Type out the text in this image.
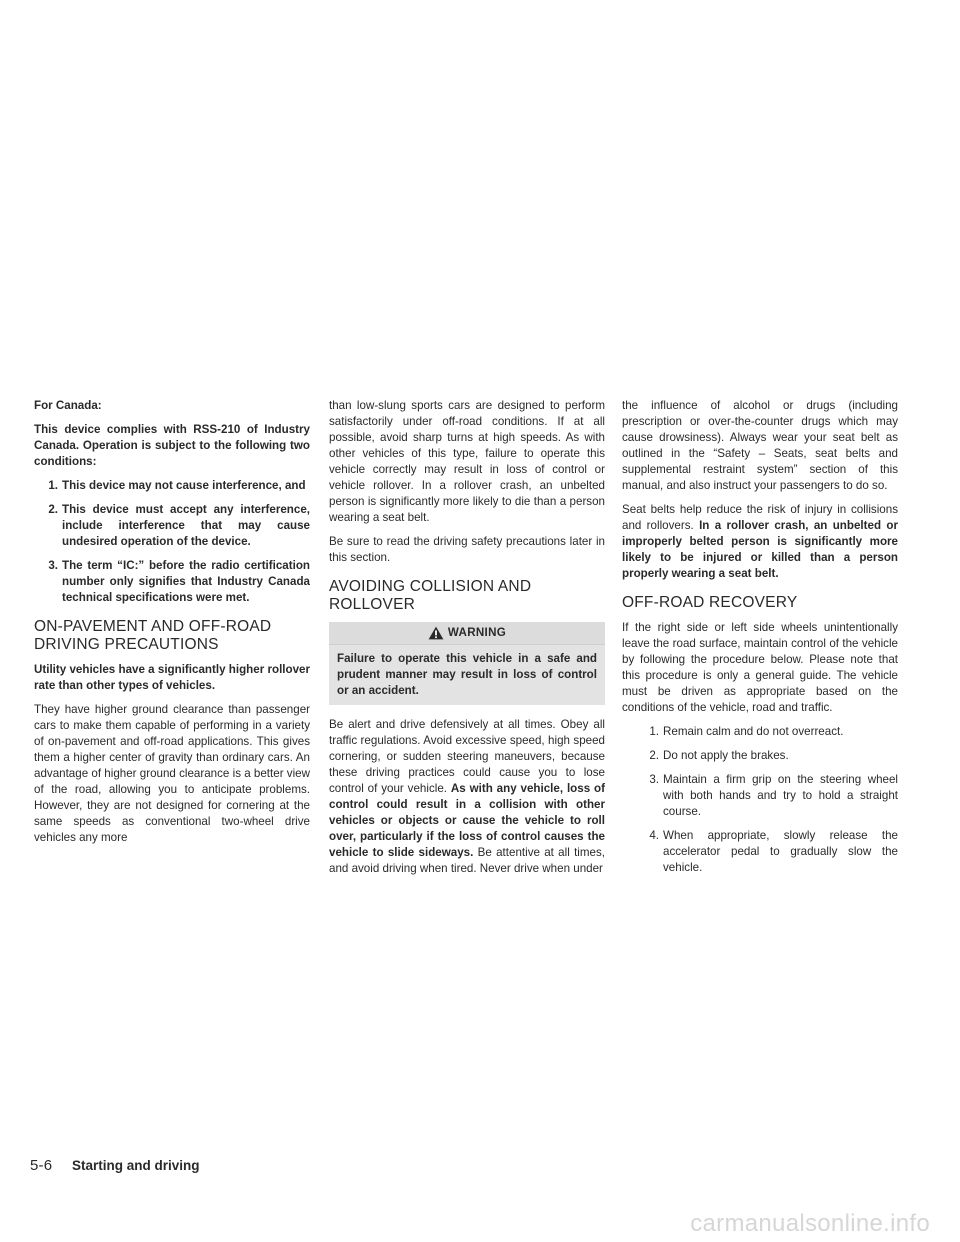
For Canada:

This device complies with RSS-210 of Industry Canada. Operation is subject to the following two conditions:

1. This device may not cause interference, and
2. This device must accept any interference, include interference that may cause undesired operation of the device.
3. The term “IC:” before the radio certification number only signifies that Industry Canada technical specifications were met.
ON-PAVEMENT AND OFF-ROAD DRIVING PRECAUTIONS

Utility vehicles have a significantly higher rollover rate than other types of vehicles.

They have higher ground clearance than passenger cars to make them capable of performing in a variety of on-pavement and off-road applications. This gives them a higher center of gravity than ordinary cars. An advantage of higher ground clearance is a better view of the road, allowing you to anticipate problems. However, they are not designed for cornering at the same speeds as conventional two-wheel drive vehicles any more

than low-slung sports cars are designed to perform satisfactorily under off-road conditions. If at all possible, avoid sharp turns at high speeds. As with other vehicles of this type, failure to operate this vehicle correctly may result in loss of control or vehicle rollover. In a rollover crash, an unbelted person is significantly more likely to die than a person wearing a seat belt.

Be sure to read the driving safety precautions later in this section.

AVOIDING COLLISION AND ROLLOVER
WARNING
Failure to operate this vehicle in a safe and prudent manner may result in loss of control or an accident.

Be alert and drive defensively at all times. Obey all traffic regulations. Avoid excessive speed, high speed cornering, or sudden steering maneuvers, because these driving practices could cause you to lose control of your vehicle. As with any vehicle, loss of control could result in a collision with other vehicles or objects or cause the vehicle to roll over, particularly if the loss of control causes the vehicle to slide sideways. Be attentive at all times, and avoid driving when tired. Never drive when under

the influence of alcohol or drugs (including prescription or over-the-counter drugs which may cause drowsiness). Always wear your seat belt as outlined in the “Safety – Seats, seat belts and supplemental restraint system” section of this manual, and also instruct your passengers to do so.

Seat belts help reduce the risk of injury in collisions and rollovers. In a rollover crash, an unbelted or improperly belted person is significantly more likely to be injured or killed than a person properly wearing a seat belt.

OFF-ROAD RECOVERY

If the right side or left side wheels unintentionally leave the road surface, maintain control of the vehicle by following the procedure below. Please note that this procedure is only a general guide. The vehicle must be driven as appropriate based on the conditions of the vehicle, road and traffic.

1. Remain calm and do not overreact.
2. Do not apply the brakes.
3. Maintain a firm grip on the steering wheel with both hands and try to hold a straight course.
4. When appropriate, slowly release the accelerator pedal to gradually slow the vehicle.
5-6 Starting and driving
carmanualsonline.info
